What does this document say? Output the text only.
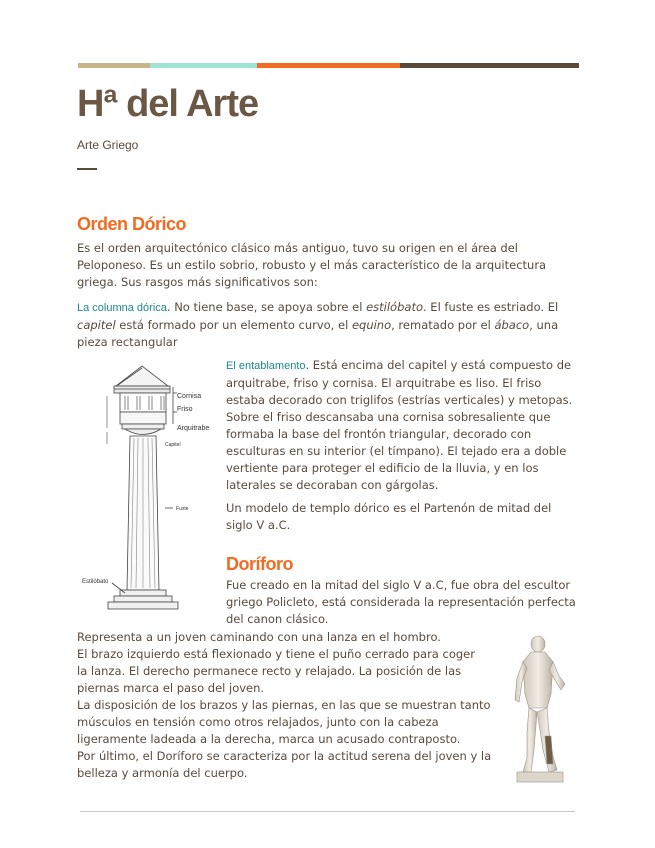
Hª del Arte
Arte Griego
Orden Dórico

Es el orden arquitectónico clásico más antiguo, tuvo su origen en el área del Peloponeso. Es un estilo sobrio, robusto y el más característico de la arquitectura griega. Sus rasgos más significativos son:

La columna dórica. No tiene base, se apoya sobre el estilóbato. El fuste es estriado. El capitel está formado por un elemento curvo, el equino, rematado por el ábaco, una pieza rectangular

Cornisa
Friso
Arquitrabe
Capitel
Fuste
Estilóbato

El entablamento. Está encima del capitel y está compuesto de arquitrabe, friso y cornisa. El arquitrabe es liso. El friso estaba decorado con triglifos (estrías verticales) y metopas. Sobre el friso descansaba una cornisa sobresaliente que formaba la base del frontón triangular, decorado con esculturas en su interior (el tímpano). El tejado era a doble vertiente para proteger el edificio de la lluvia, y en los laterales se decoraban con gárgolas.

Un modelo de templo dórico es el Partenón de mitad del siglo V a.C.

Doríforo

Fue creado en la mitad del siglo V a.C, fue obra del escultor griego Policleto, está considerada la representación perfecta del canon clásico.

Representa a un joven caminando con una lanza en el hombro.

El brazo izquierdo está flexionado y tiene el puño cerrado para coger la lanza. El derecho permanece recto y relajado. La posición de las piernas marca el paso del joven.

La disposición de los brazos y las piernas, en las que se muestran tanto músculos en tensión como otros relajados, junto con la cabeza ligeramente ladeada a la derecha, marca un acusado contraposto.

Por último, el Doríforo se caracteriza por la actitud serena del joven y la belleza y armonía del cuerpo.
